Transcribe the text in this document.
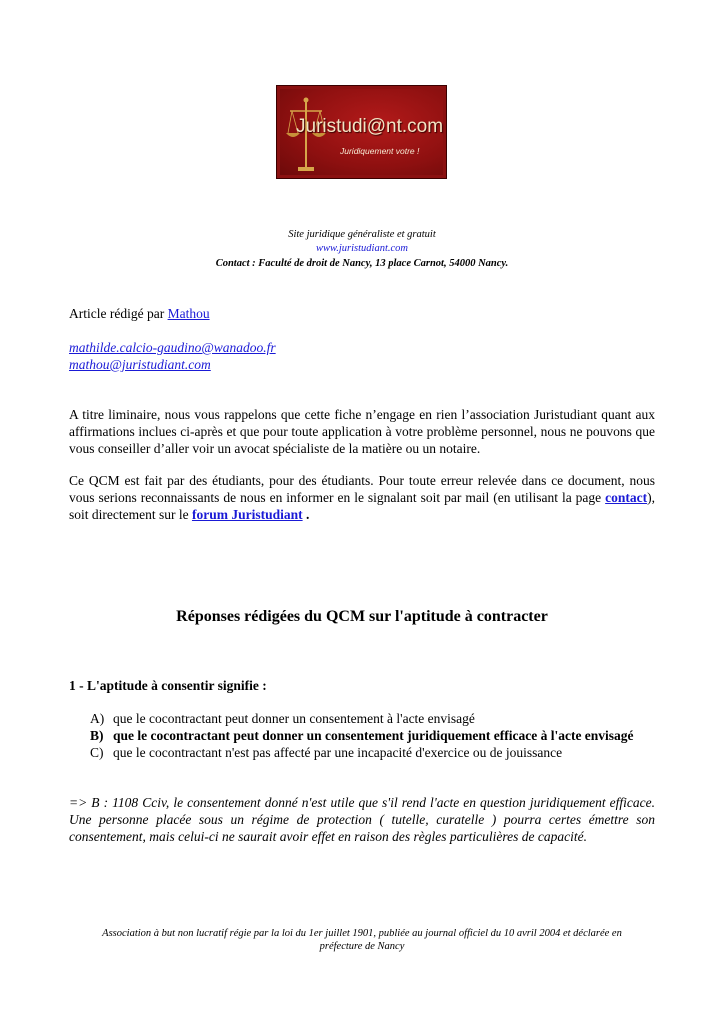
Juristudi@nt.com
Juridiquement votre !
Site juridique généraliste et gratuit
www.juristudiant.com
Contact : Faculté de droit de Nancy, 13 place Carnot, 54000 Nancy.
Article rédigé par Mathou
mathilde.calcio-gaudino@wanadoo.fr
mathou@juristudiant.com
A titre liminaire, nous vous rappelons que cette fiche n’engage en rien l’association Juristudiant quant aux affirmations inclues ci-après et que pour toute application à votre problème personnel, nous ne pouvons que vous conseiller d’aller voir un avocat spécialiste de la matière ou un notaire.
Ce QCM est fait par des étudiants, pour des étudiants. Pour toute erreur relevée dans ce document, nous vous serions reconnaissants de nous en informer en le signalant soit par mail (en utilisant la page contact), soit directement sur le forum Juristudiant .
Réponses rédigées du QCM sur l'aptitude à contracter
1 - L'aptitude à consentir signifie :
A) que le cocontractant peut donner un consentement à l'acte envisagé
B) que le cocontractant peut donner un consentement juridiquement efficace à l'acte envisagé
C) que le cocontractant n'est pas affecté par une incapacité d'exercice ou de jouissance
=> B : 1108 Cciv, le consentement donné n'est utile que s'il rend l'acte en question juridiquement efficace. Une personne placée sous un régime de protection ( tutelle, curatelle ) pourra certes émettre son consentement, mais celui-ci ne saurait avoir effet en raison des règles particulières de capacité.
Association à but non lucratif régie par la loi du 1er juillet 1901, publiée au journal officiel du 10 avril 2004 et déclarée en préfecture de Nancy
